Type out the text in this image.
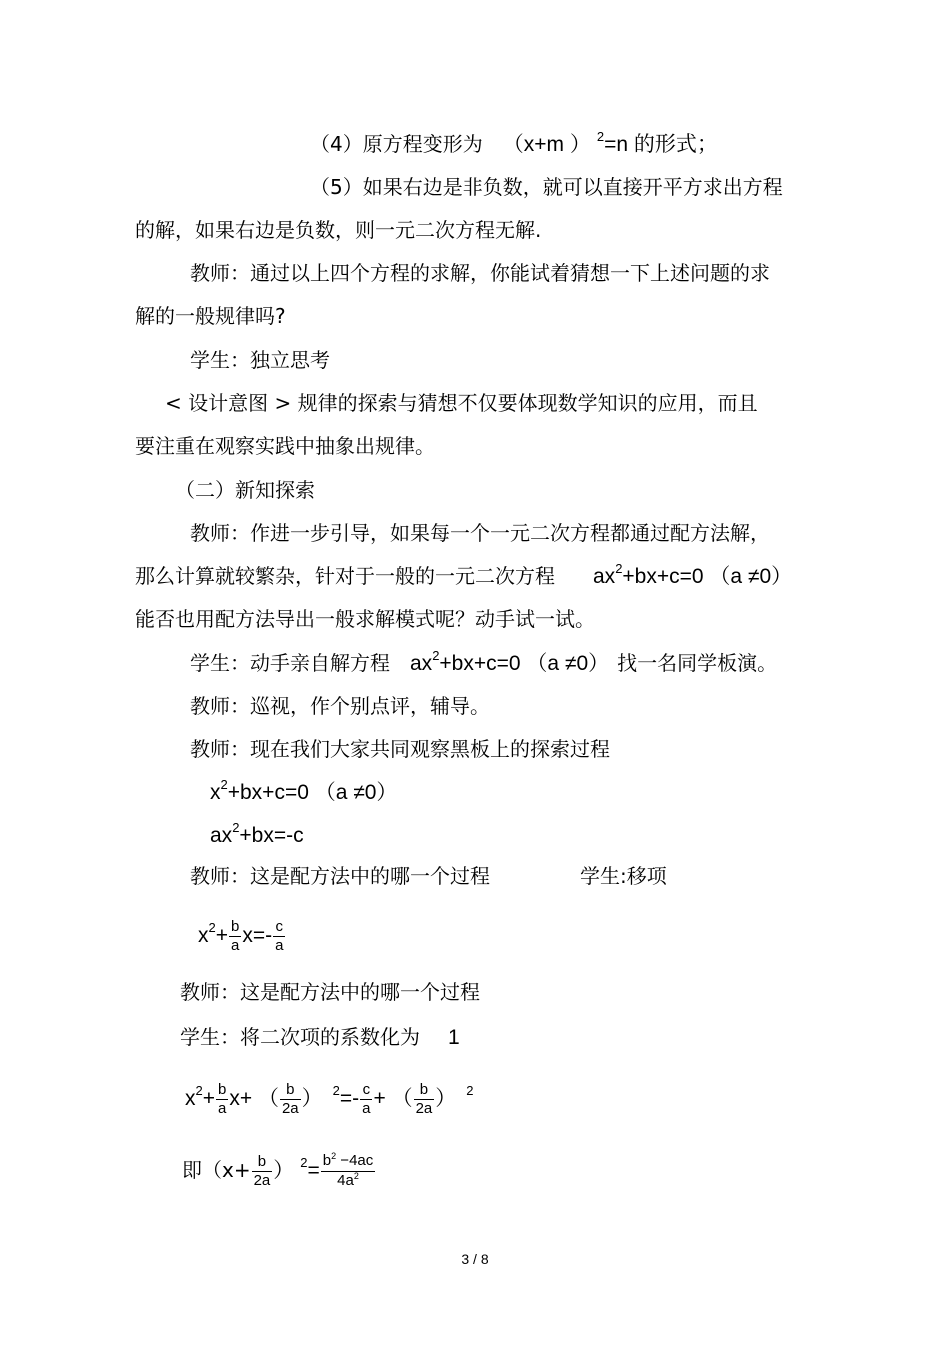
（4）原方程变形为 （x+m ） $^2$=n 的形式；
（5）如果右边是非负数，就可以直接开平方求出方程
的解，如果右边是负数，则一元二次方程无解.
教师：通过以上四个方程的求解，你能试着猜想一下上述问题的求
解的一般规律吗?
学生：独立思考
< 设计意图 > 规律的探索与猜想不仅要体现数学知识的应用，而且
要注重在观察实践中抽象出规律。
（二）新知探索
教师：作进一步引导，如果每一个一元二次方程都通过配方法解，
那么计算就较繁杂，针对于一般的一元二次方程 $ax^2+bx+c=0$ （a ≠0）
能否也用配方法导出一般求解模式呢？动手试一试。
学生：动手亲自解方程 $ax^2+bx+c=0$ （a ≠0） 找一名同学板演。
教师：巡视，作个别点评，辅导。
教师：现在我们大家共同观察黑板上的探索过程
$x^2+bx+c=0$ （a ≠0）
$ax^2+bx=-c$
教师：这是配方法中的哪一个过程	学生:移项
$x^2+ \frac{b}{a} x=- \frac{c}{a}$
教师：这是配方法中的哪一个过程
学生：将二次项的系数化为 1
$x^2+ \frac{b}{a} x+$ （ $\frac{b}{2a}$ ） $^2=- \frac{c}{a}$ + （ $\frac{b}{2a}$ ） $^2$
即（$x+ \frac{b}{2a}$ ） $^2= \frac{b^2 -4ac}{4a^2}$
3 / 8
